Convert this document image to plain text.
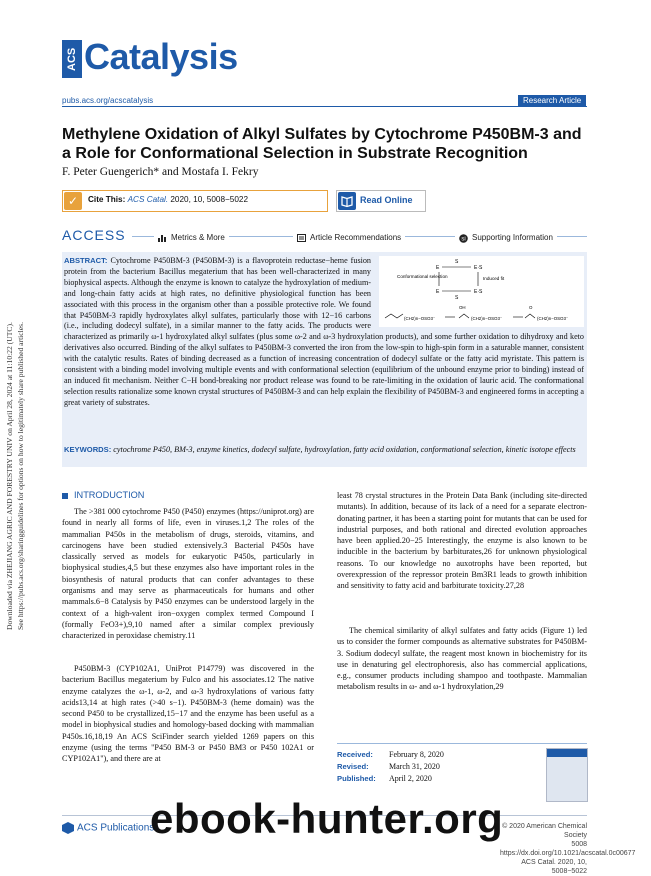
Downloaded via ZHEJIANG AGRIC AND FORESTRY UNIV on April 28, 2024 at 11:10:22 (UTC). See https://pubs.acs.org/sharingguidelines for options on how to legitimately share published articles.
ACS Catalysis
pubs.acs.org/acscatalysis	Research Article
Methylene Oxidation of Alkyl Sulfates by Cytochrome P450BM-3 and a Role for Conformational Selection in Substrate Recognition
F. Peter Guengerich* and Mostafa I. Fekry
✓	Cite This: ACS Catal. 2020, 10, 5008−5022	Read Online
ACCESS	Metrics & More	Article Recommendations	si Supporting Information
S
E	E·S
Conformational selection	Induced fit
E	E·S
S
(CH2)n−OSO3⁻
OH
(CH2)n−OSO3⁻
O
(CH2)n−OSO3⁻
ABSTRACT: Cytochrome P450BM-3 (P450BM-3) is a flavoprotein reductase−heme fusion protein from the bacterium Bacillus megaterium that has been well-characterized in many biophysical aspects. Although the enzyme is known to catalyze the hydroxylation of medium- and long-chain fatty acids at high rates, no definitive physiological function has been associated with this process in the organism other than a possible protective role. We found that P450BM-3 rapidly hydroxylates alkyl sulfates, particularly those with 12−16 carbons (i.e., including dodecyl sulfate), in a similar manner to the fatty acids. The products were characterized as primarily ω-1 hydroxylated alkyl sulfates (plus some ω-2 and ω-3 hydroxylation products), and some further oxidation to dihydroxy and keto derivatives also occurred. Binding of the alkyl sulfates to P450BM-3 converted the iron from the low-spin to high-spin form in a saturable manner, consistent with the catalytic results. Rates of binding decreased as a function of increasing concentration of dodecyl sulfate or the fatty acid myristate. This pattern is consistent with a binding model involving multiple events and with conformational selection (equilibrium of the unbound enzyme prior to binding) instead of an induced fit mechanism. Neither C−H bond-breaking nor product release was found to be rate-limiting in the oxidation of lauric acid. The conformational selection results rationalize some known crystal structures of P450BM-3 and can help explain the flexibility of P450BM-3 and engineered forms in accepting a great variety of substrates.
KEYWORDS: cytochrome P450, BM-3, enzyme kinetics, dodecyl sulfate, hydroxylation, fatty acid oxidation, conformational selection, kinetic isotope effects
INTRODUCTION
The >381 000 cytochrome P450 (P450) enzymes (https://uniprot.org) are found in nearly all forms of life, even in viruses.1,2 The roles of the mammalian P450s in the metabolism of drugs, steroids, vitamins, and carcinogens have been studied extensively.3 Bacterial P450s have classically served as models for eukaryotic P450s, particularly in biophysical studies,4,5 but these enzymes also have important roles in the biosynthesis of natural products that can confer advantages to these organisms and may serve as pharmaceuticals for humans and other mammals.6−8 Catalysis by P450 enzymes can be understood largely in the context of a high-valent iron−oxygen complex termed Compound I (formally FeO3+),9,10 named after a similar complex previously characterized in peroxidase chemistry.11
P450BM-3 (CYP102A1, UniProt P14779) was discovered in the bacterium Bacillus megaterium by Fulco and his associates.12 The native enzyme catalyzes the ω-1, ω-2, and ω-3 hydroxylations of various fatty acids13,14 at high rates (>40 s−1). P450BM-3 (heme domain) was the second P450 to be crystallized,15−17 and the enzyme has been useful as a model in biophysical studies and homology-based docking with mammalian P450s.16,18,19 An ACS SciFinder search yielded 1269 papers on this enzyme (using the terms "P450 BM-3 or P450 BM3 or P450 102A1 or CYP102A1"), and there are at
least 78 crystal structures in the Protein Data Bank (including site-directed mutants). In addition, because of its lack of a need for a separate electron-donating partner, it has been a starting point for mutants that can be used for industrial purposes, and both rational and directed evolution approaches have been applied.20−25 Interestingly, the enzyme is also known to be inducible in the bacterium by barbiturates,26 for unknown physiological reasons. To our knowledge no auxotrophs have been reported, but overexpression of the repressor protein Bm3R1 leads to growth inhibition and sensitivity to fatty acid and barbiturate toxicity.27,28
The chemical similarity of alkyl sulfates and fatty acids (Figure 1) led us to consider the former compounds as alternative substrates for P450BM-3. Sodium dodecyl sulfate, the reagent most known in biochemistry for its use in denaturing gel electrophoresis, also has commercial applications, e.g., consumer products including shampoo and toothpaste. Mammalian metabolism results in ω- and ω-1 hydroxylation,29
Received: February 8, 2020
Revised:	March 31, 2020
Published: April 2, 2020
ACS Publications	© 2020 American Chemical Society
5008
https://dx.doi.org/10.1021/acscatal.0c00677
ACS Catal. 2020, 10, 5008−5022
ebook-hunter.org
